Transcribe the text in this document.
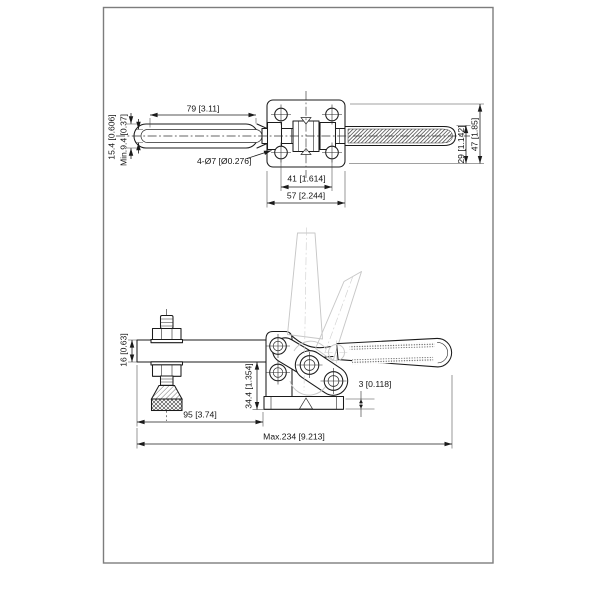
79 [3.11]
15.4 [0.606] Min.9.4 [0.37]	4-Ø7 [Ø0.276]
41 [1.614]
57 [2.244]
29 [1.142] 47 [1.85]
16 [0.63]
34.4 [1.354]
95 [3.74]
Max.234 [9.213]
3 [0.118]
